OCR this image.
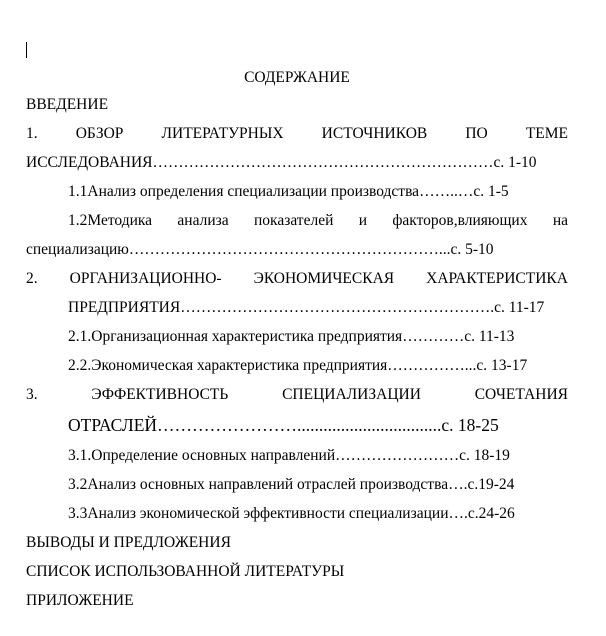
СОДЕРЖАНИЕ
ВВЕДЕНИЕ
1. ОБЗОР ЛИТЕРАТУРНЫХ ИСТОЧНИКОВ ПО ТЕМЕ
ИССЛЕДОВАНИЯ…………………………………………………………с. 1-10
1.1Анализ определения специализации производства……..…с. 1-5
1.2Методика анализа показателей и факторов,влияющих на
специализацию……………………………………………………...с. 5-10
2. ОРГАНИЗАЦИОННО- ЭКОНОМИЧЕСКАЯ ХАРАКТЕРИСТИКА
ПРЕДПРИЯТИЯ…………………………………………………….с. 11-17
2.1.Организационная характеристика предприятия…………с. 11-13
2.2.Экономическая характеристика предприятия……………...с. 13-17
3.	ЭФФЕКТИВНОСТЬ	СПЕЦИАЛИЗАЦИИ	СОЧЕТАНИЯ
ОТРАСЛЕЙ…………………….................................с. 18-25
3.1.Определение основных направлений……………………с. 18-19
3.2Анализ основных направлений отраслей производства….с.19-24
3.3Анализ экономической эффективности специализации….с.24-26
ВЫВОДЫ И ПРЕДЛОЖЕНИЯ
СПИСОК ИСПОЛЬЗОВАННОЙ ЛИТЕРАТУРЫ
ПРИЛОЖЕНИЕ
